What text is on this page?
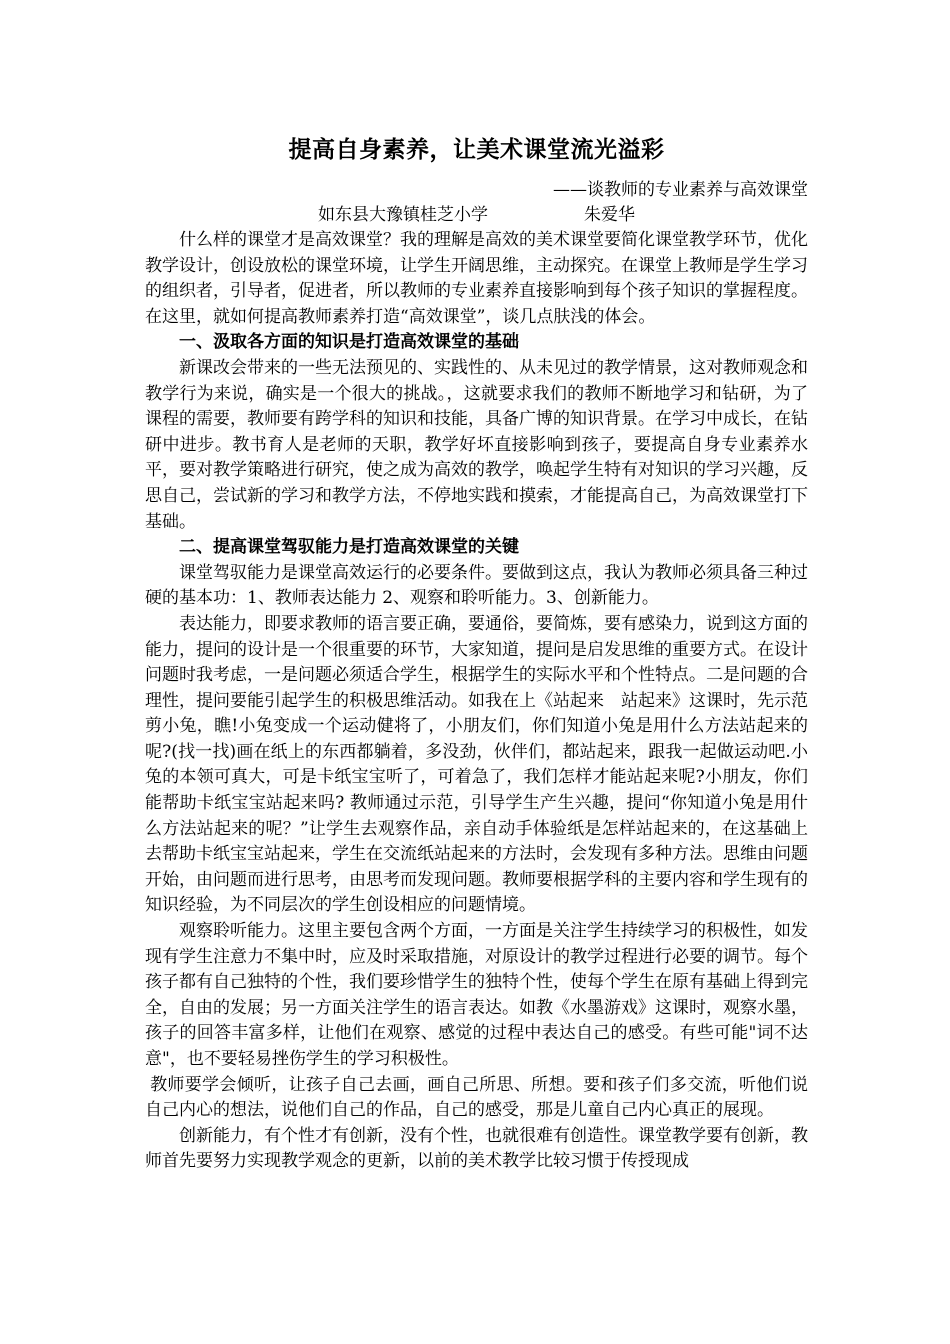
提高自身素养，让美术课堂流光溢彩
——谈教师的专业素养与高效课堂
如东县大豫镇桂芝小学	朱爱华

什么样的课堂才是高效课堂？我的理解是高效的美术课堂要简化课堂教学环节，优化教学设计，创设放松的课堂环境，让学生开阔思维，主动探究。在课堂上教师是学生学习的组织者，引导者，促进者，所以教师的专业素养直接影响到每个孩子知识的掌握程度。在这里，就如何提高教师素养打造“高效课堂”，谈几点肤浅的体会。

一、汲取各方面的知识是打造高效课堂的基础

新课改会带来的一些无法预见的、实践性的、从未见过的教学情景，这对教师观念和教学行为来说，确实是一个很大的挑战。，这就要求我们的教师不断地学习和钻研，为了课程的需要，教师要有跨学科的知识和技能，具备广博的知识背景。在学习中成长，在钻研中进步。教书育人是老师的天职，教学好坏直接影响到孩子，要提高自身专业素养水平，要对教学策略进行研究，使之成为高效的教学，唤起学生特有对知识的学习兴趣，反思自己，尝试新的学习和教学方法，不停地实践和摸索，才能提高自己，为高效课堂打下基础。

二、提高课堂驾驭能力是打造高效课堂的关键

课堂驾驭能力是课堂高效运行的必要条件。要做到这点，我认为教师必须具备三种过硬的基本功：1、教师表达能力 2、观察和聆听能力。3、创新能力。

表达能力，即要求教师的语言要正确，要通俗，要简炼，要有感染力，说到这方面的能力，提问的设计是一个很重要的环节，大家知道，提问是启发思维的重要方式。在设计问题时我考虑，一是问题必须适合学生，根据学生的实际水平和个性特点。二是问题的合理性，提问要能引起学生的积极思维活动。如我在上《站起来　站起来》这课时，先示范剪小兔，瞧!小兔变成一个运动健将了，小朋友们，你们知道小兔是用什么方法站起来的呢?(找一找)画在纸上的东西都躺着，多没劲，伙伴们，都站起来，跟我一起做运动吧.小兔的本领可真大，可是卡纸宝宝听了，可着急了，我们怎样才能站起来呢?小朋友，你们能帮助卡纸宝宝站起来吗? 教师通过示范，引导学生产生兴趣，提问“你知道小兔是用什么方法站起来的呢？”让学生去观察作品，亲自动手体验纸是怎样站起来的，在这基础上去帮助卡纸宝宝站起来，学生在交流纸站起来的方法时，会发现有多种方法。思维由问题开始，由问题而进行思考，由思考而发现问题。教师要根据学科的主要内容和学生现有的知识经验，为不同层次的学生创设相应的问题情境。

观察聆听能力。这里主要包含两个方面，一方面是关注学生持续学习的积极性，如发现有学生注意力不集中时，应及时采取措施，对原设计的教学过程进行必要的调节。每个孩子都有自己独特的个性，我们要珍惜学生的独特个性，使每个学生在原有基础上得到完全，自由的发展；另一方面关注学生的语言表达。如教《水墨游戏》这课时，观察水墨，孩子的回答丰富多样，让他们在观察、感觉的过程中表达自己的感受。有些可能"词不达意"，也不要轻易挫伤学生的学习积极性。

教师要学会倾听，让孩子自己去画，画自己所思、所想。要和孩子们多交流，听他们说自己内心的想法，说他们自己的作品，自己的感受，那是儿童自己内心真正的展现。

创新能力，有个性才有创新，没有个性，也就很难有创造性。课堂教学要有创新，教师首先要努力实现教学观念的更新，以前的美术教学比较习惯于传授现成
